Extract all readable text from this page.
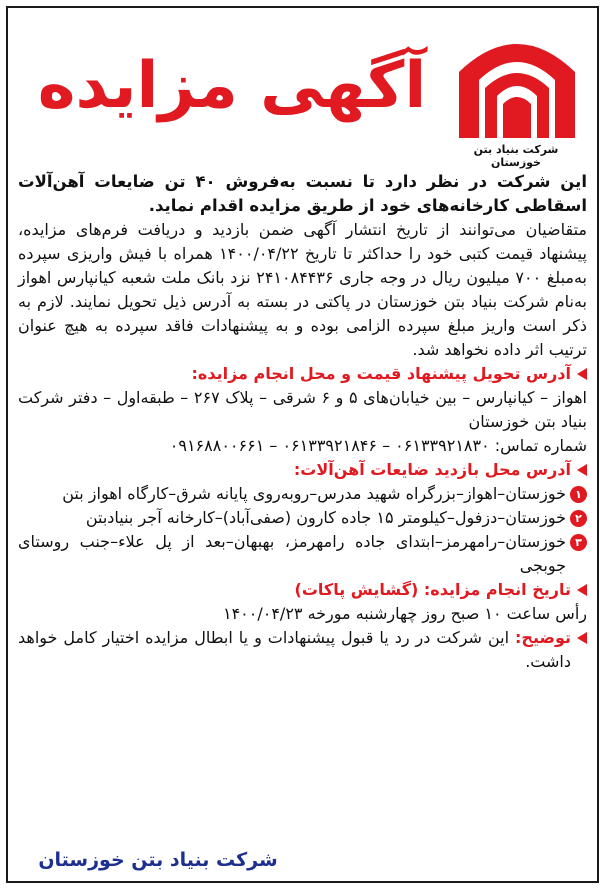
آگهی مزایده
شرکت بنیاد بتن خوزستان

این شرکت در نظر دارد تا نسبت به‌فروش ۴۰ تن ضایعات آهن‌آلات اسقاطی کارخانه‌های خود از طریق مزایده اقدام نماید.

متقاضیان می‌توانند از تاریخ انتشار آگهی ضمن بازدید و دریافت فرم‌های مزایده، پیشنهاد قیمت کتبی خود را حداکثر تا تاریخ ۱۴۰۰/۰۴/۲۲ همراه با فیش واریزی سپرده به‌مبلغ ۷۰۰ میلیون ریال در وجه جاری ۲۴۱۰۸۴۴۳۶ نزد بانک ملت شعبه کیانپارس اهواز به‌نام شرکت بنیاد بتن خوزستان در پاکتی در بسته به آدرس ذیل تحویل نمایند. لازم به ذکر است واریز مبلغ سپرده الزامی بوده و به پیشنهادات فاقد سپرده به هیچ عنوان ترتیب اثر داده نخواهد شد.

آدرس تحویل پیشنهاد قیمت و محل انجام مزایده:

اهواز – کیانپارس – بین خیابان‌های ۵ و ۶ شرقی – پلاک ۲۶۷ – طبقه‌اول – دفتر شرکت بنیاد بتن خوزستان

شماره تماس: ۰۶۱۳۳۹۲۱۸۳۰ – ۰۶۱۳۳۹۲۱۸۴۶ – ۰۹۱۶۸۸۰۰۶۶۱

آدرس محل بازدید ضایعات آهن‌آلات:
۱
خوزستان–اهواز–بزرگراه شهید مدرس–روبه‌روی پایانه شرق–کارگاه اهواز بتن
۲
خوزستان–دزفول–کیلومتر ۱۵ جاده کارون (صفی‌آباد)–کارخانه آجر بنیادبتن
۳
خوزستان–رامهرمز–ابتدای جاده رامهرمز، بهبهان–بعد از پل علاء–جنب روستای جوبجی
تاریخ انجام مزایده: (گشایش پاکات)

رأس ساعت ۱۰ صبح روز چهارشنبه مورخه ۱۴۰۰/۰۴/۲۳

توضیح: این شرکت در رد یا قبول پیشنهادات و یا ابطال مزایده اختیار کامل خواهد داشت.
شرکت بنیاد بتن خوزستان
